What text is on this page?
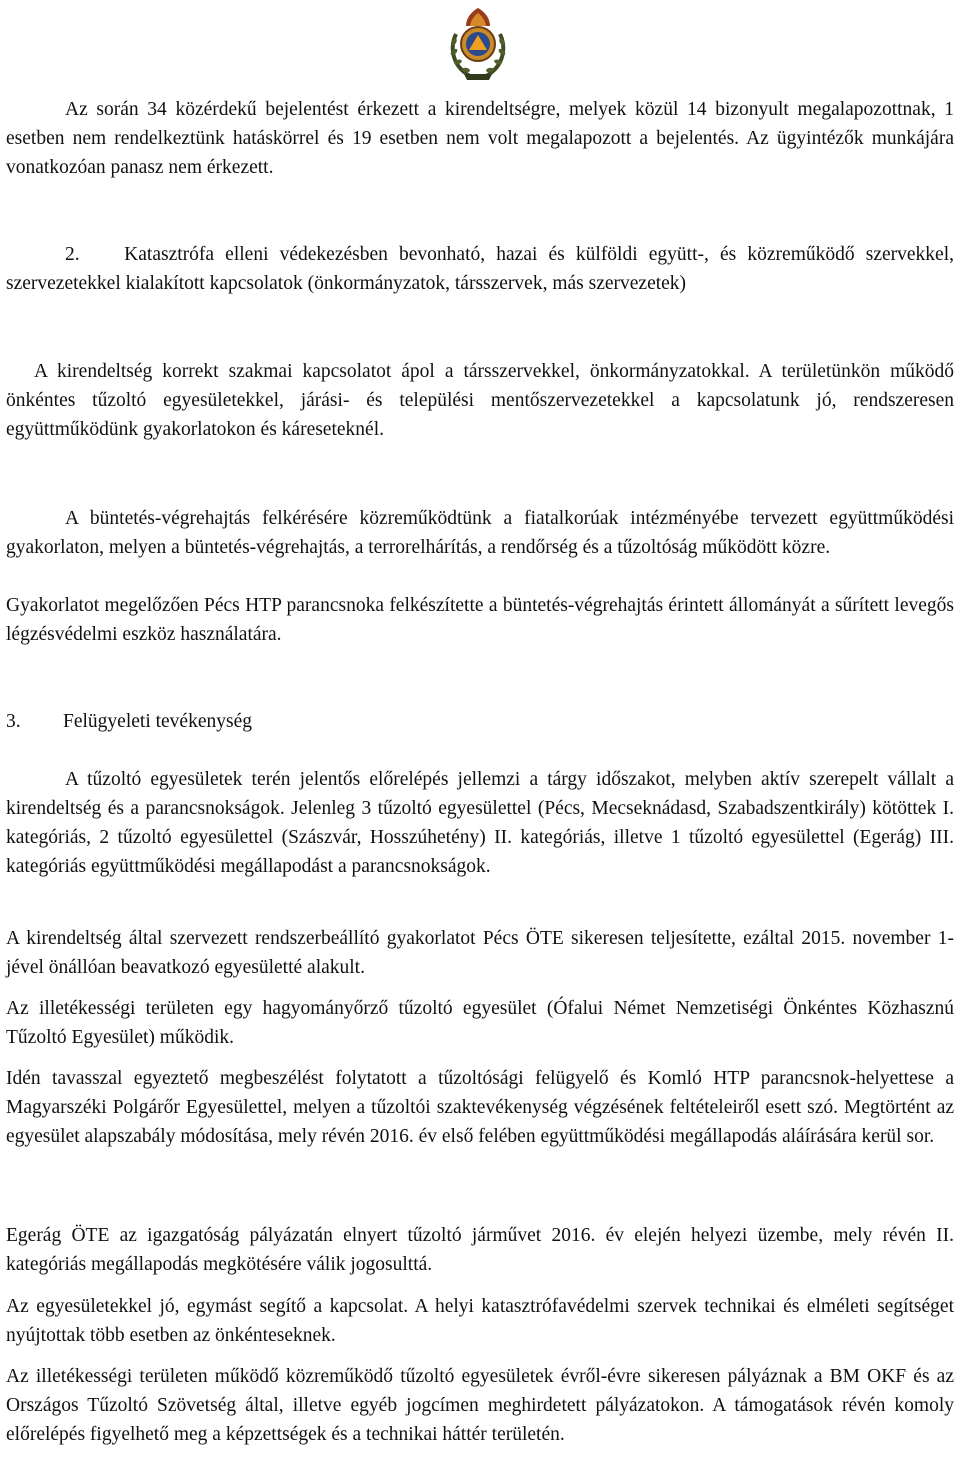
Az során 34 közérdekű bejelentést érkezett a kirendeltségre, melyek közül 14 bizonyult megalapozottnak, 1 esetben nem rendelkeztünk hatáskörrel és 19 esetben nem volt megalapozott a bejelentés. Az ügyintézők munkájára vonatkozóan panasz nem érkezett.

2. Katasztrófa elleni védekezésben bevonható, hazai és külföldi együtt-, és közreműködő szervekkel, szervezetekkel kialakított kapcsolatok (önkormányzatok, társszervek, más szervezetek)

A kirendeltség korrekt szakmai kapcsolatot ápol a társszervekkel, önkormányzatokkal. A területünkön működő önkéntes tűzoltó egyesületekkel, járási- és települési mentőszervezetekkel a kapcsolatunk jó, rendszeresen együttműködünk gyakorlatokon és káreseteknél.

A büntetés-végrehajtás felkérésére közreműködtünk a fiatalkorúak intézményébe tervezett együttműködési gyakorlaton, melyen a büntetés-végrehajtás, a terrorelhárítás, a rendőrség és a tűzoltóság működött közre.

Gyakorlatot megelőzően Pécs HTP parancsnoka felkészítette a büntetés-végrehajtás érintett állományát a sűrített levegős légzésvédelmi eszköz használatára.

3. Felügyeleti tevékenység

A tűzoltó egyesületek terén jelentős előrelépés jellemzi a tárgy időszakot, melyben aktív szerepelt vállalt a kirendeltség és a parancsnokságok. Jelenleg 3 tűzoltó egyesülettel (Pécs, Mecseknádasd, Szabadszentkirály) kötöttek I. kategóriás, 2 tűzoltó egyesülettel (Szászvár, Hosszúhetény) II. kategóriás, illetve 1 tűzoltó egyesülettel (Egerág) III. kategóriás együttműködési megállapodást a parancsnokságok.

A kirendeltség által szervezett rendszerbeállító gyakorlatot Pécs ÖTE sikeresen teljesítette, ezáltal 2015. november 1-jével önállóan beavatkozó egyesületté alakult.

Az illetékességi területen egy hagyományőrző tűzoltó egyesület (Ófalui Német Nemzetiségi Önkéntes Közhasznú Tűzoltó Egyesület) működik.

Idén tavasszal egyeztető megbeszélést folytatott a tűzoltósági felügyelő és Komló HTP parancsnok-helyettese a Magyarszéki Polgárőr Egyesülettel, melyen a tűzoltói szaktevékenység végzésének feltételeiről esett szó. Megtörtént az egyesület alapszabály módosítása, mely révén 2016. év első felében együttműködési megállapodás aláírására kerül sor.

Egerág ÖTE az igazgatóság pályázatán elnyert tűzoltó járművet 2016. év elején helyezi üzembe, mely révén II. kategóriás megállapodás megkötésére válik jogosulttá.

Az egyesületekkel jó, egymást segítő a kapcsolat. A helyi katasztrófavédelmi szervek technikai és elméleti segítséget nyújtottak több esetben az önkénteseknek.

Az illetékességi területen működő közreműködő tűzoltó egyesületek évről-évre sikeresen pályáznak a BM OKF és az Országos Tűzoltó Szövetség által, illetve egyéb jogcímen meghirdetett pályázatokon. A támogatások révén komoly előrelépés figyelhető meg a képzettségek és a technikai háttér területén.
